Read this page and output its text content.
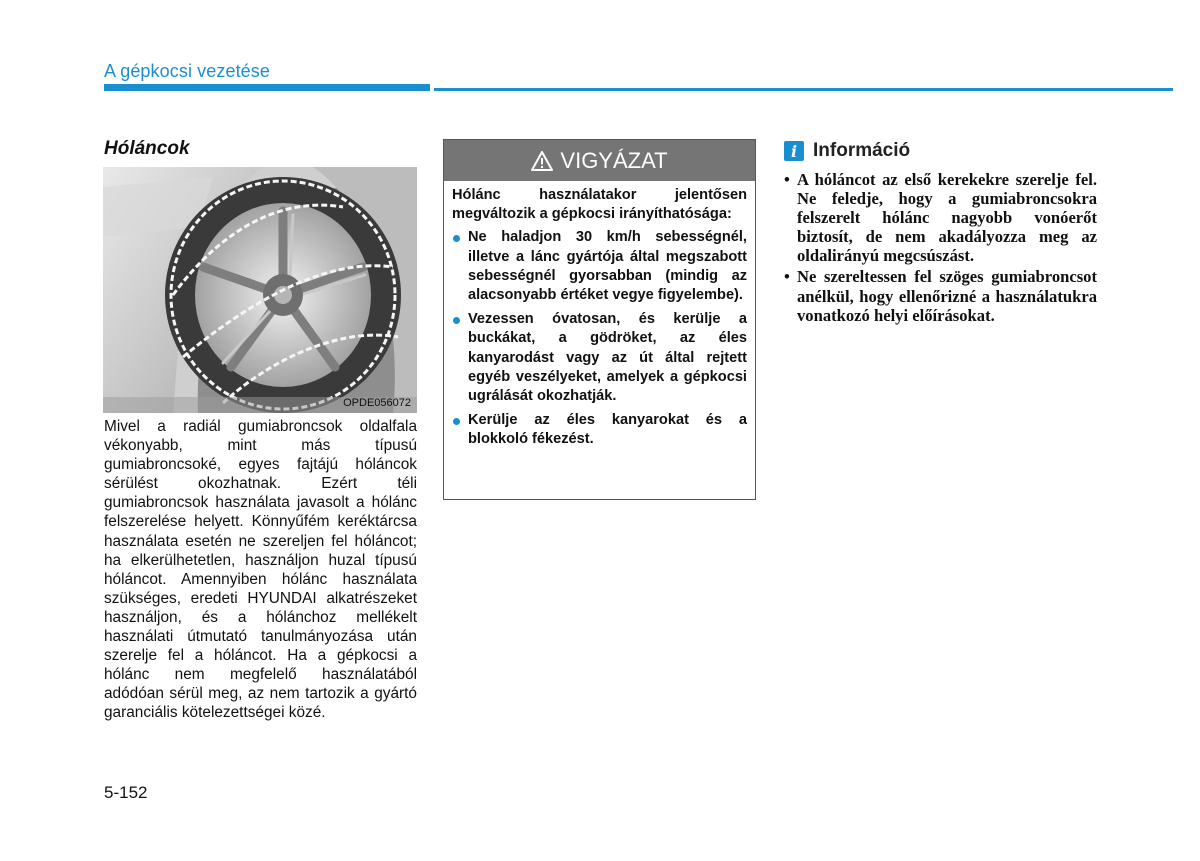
A gépkocsi vezetése
Hóláncok
OPDE056072
Mivel a radiál gumiabroncsok oldalfala vékonyabb, mint más típusú gumiabroncsoké, egyes fajtájú hóláncok sérülést okozhatnak. Ezért téli gumiabroncsok használata javasolt a hólánc felszerelése helyett. Könnyűfém keréktárcsa használata esetén ne szereljen fel hóláncot; ha elkerülhetetlen, használjon huzal típusú hóláncot. Amennyiben hólánc használata szükséges, eredeti HYUNDAI alkatrészeket használjon, és a hólánchoz mellékelt használati útmutató tanulmányozása után szerelje fel a hóláncot. Ha a gépkocsi a hólánc nem megfelelő használatából adódóan sérül meg, az nem tartozik a gyártó garanciális kötelezettségei közé.
VIGYÁZAT

Hólánc használatakor jelentősen megváltozik a gépkocsi irányíthatósága:

Ne haladjon 30 km/h sebességnél, illetve a lánc gyártója által megszabott sebességnél gyorsabban (mindig az alacsonyabb értéket vegye figyelembe).
Vezessen óvatosan, és kerülje a buckákat, a gödröket, az éles kanyarodást vagy az út által rejtett egyéb veszélyeket, amelyek a gépkocsi ugrálását okozhatják.
Kerülje az éles kanyarokat és a blokkoló fékezést.
i Információ
• A hóláncot az első kerekekre szerelje fel. Ne feledje, hogy a gumiabroncsokra felszerelt hólánc nagyobb vonóerőt biztosít, de nem akadályozza meg az oldalirányú megcsúszást.
• Ne szereltessen fel szöges gumiabroncsot anélkül, hogy ellenőrizné a használatukra vonatkozó helyi előírásokat.
5-152
